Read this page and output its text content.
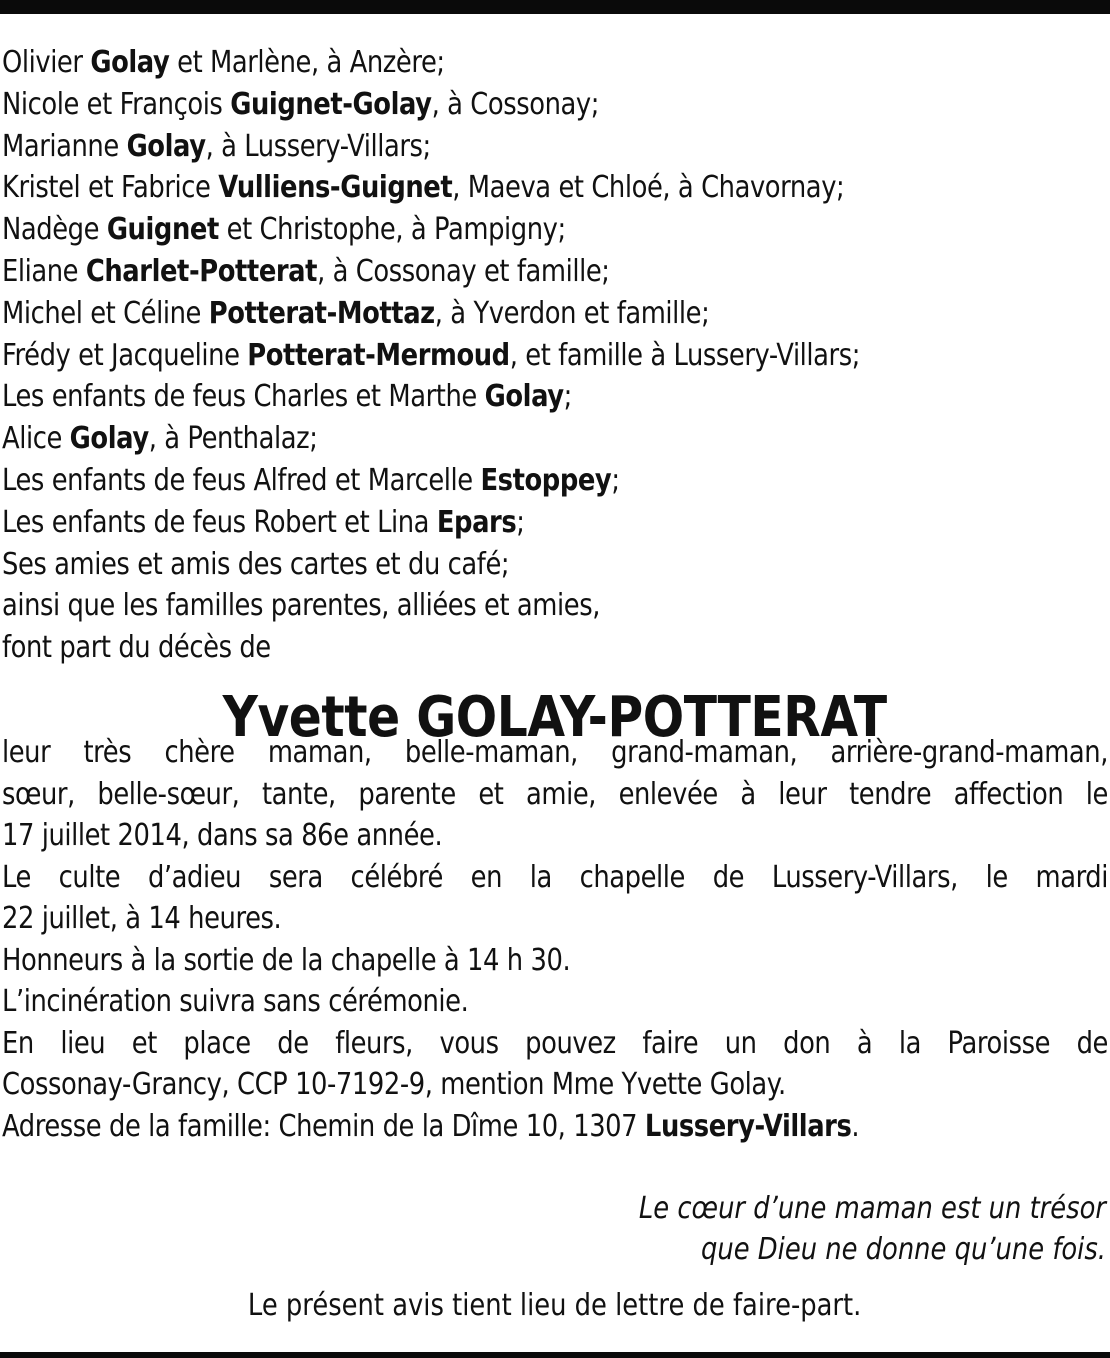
Olivier Golay et Marlène, à Anzère;
Nicole et François Guignet-Golay, à Cossonay;
Marianne Golay, à Lussery-Villars;
Kristel et Fabrice Vulliens-Guignet, Maeva et Chloé, à Chavornay;
Nadège Guignet et Christophe, à Pampigny;
Eliane Charlet-Potterat, à Cossonay et famille;
Michel et Céline Potterat-Mottaz, à Yverdon et famille;
Frédy et Jacqueline Potterat-Mermoud, et famille à Lussery-Villars;
Les enfants de feus Charles et Marthe Golay;
Alice Golay, à Penthalaz;
Les enfants de feus Alfred et Marcelle Estoppey;
Les enfants de feus Robert et Lina Epars;
Ses amies et amis des cartes et du café;
ainsi que les familles parentes, alliées et amies,
font part du décès de
Yvette GOLAY-POTTERAT
leur très chère maman, belle-maman, grand-maman, arrière-grand-maman,
sœur, belle-sœur, tante, parente et amie, enlevée à leur tendre affection le
17 juillet 2014, dans sa 86e année.
Le culte d’adieu sera célébré en la chapelle de Lussery-Villars, le mardi
22 juillet, à 14 heures.
Honneurs à la sortie de la chapelle à 14 h 30.
L’incinération suivra sans cérémonie.
En lieu et place de fleurs, vous pouvez faire un don à la Paroisse de
Cossonay-Grancy, CCP 10-7192-9, mention Mme Yvette Golay.
Adresse de la famille: Chemin de la Dîme 10, 1307 Lussery-Villars.
Le cœur d’une maman est un trésor
que Dieu ne donne qu’une fois.
Le présent avis tient lieu de lettre de faire-part.
